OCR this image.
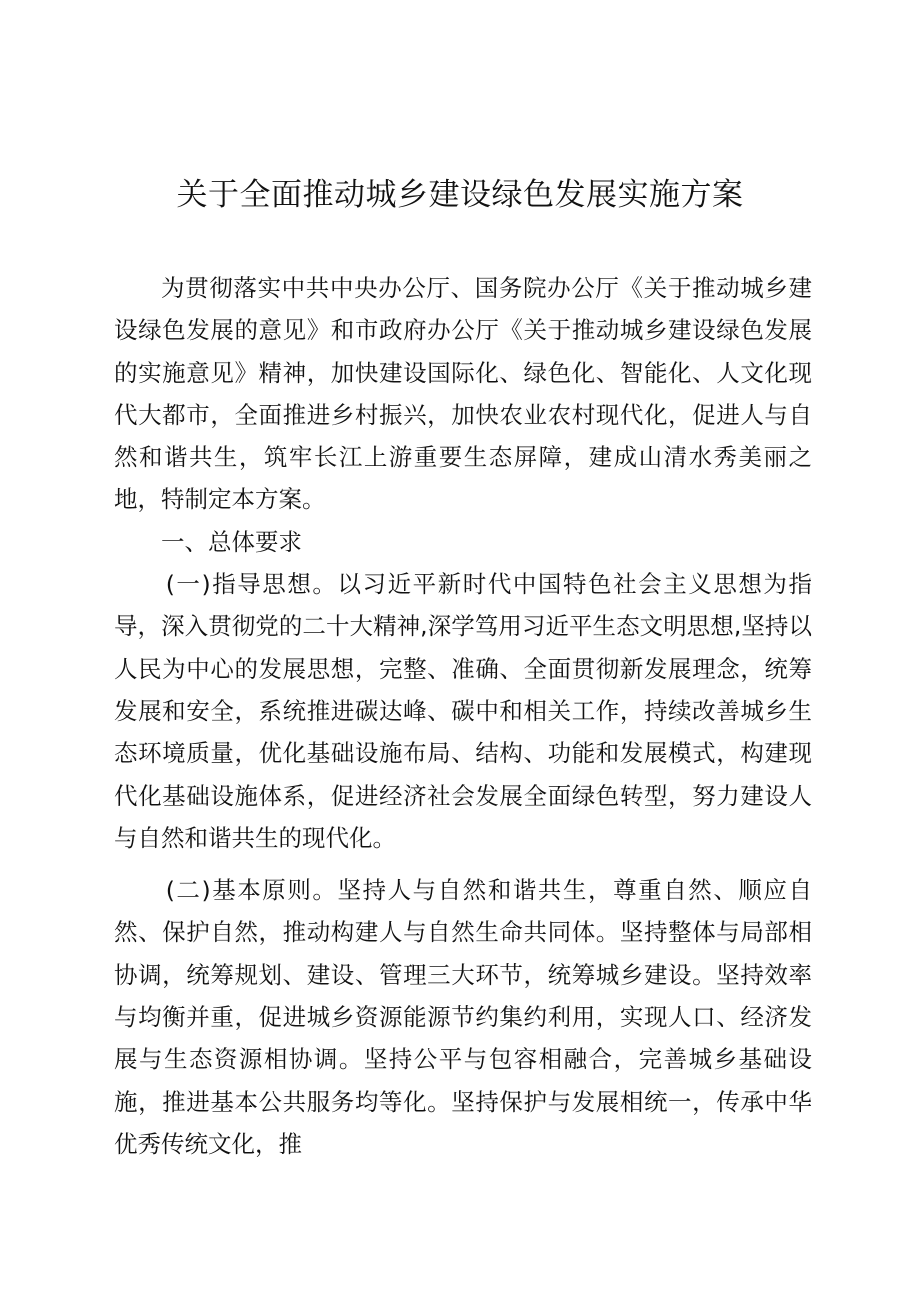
关于全面推动城乡建设绿色发展实施方案

为贯彻落实中共中央办公厅、国务院办公厅《关于推动城乡建设绿色发展的意见》和市政府办公厅《关于推动城乡建设绿色发展的实施意见》精神，加快建设国际化、绿色化、智能化、人文化现代大都市，全面推进乡村振兴，加快农业农村现代化，促进人与自然和谐共生，筑牢长江上游重要生态屏障，建成山清水秀美丽之地，特制定本方案。

一、总体要求

(一)指导思想。以习近平新时代中国特色社会主义思想为指导，深入贯彻党的二十大精神,深学笃用习近平生态文明思想,坚持以人民为中心的发展思想，完整、准确、全面贯彻新发展理念，统筹发展和安全，系统推进碳达峰、碳中和相关工作，持续改善城乡生态环境质量，优化基础设施布局、结构、功能和发展模式，构建现代化基础设施体系，促进经济社会发展全面绿色转型，努力建设人与自然和谐共生的现代化。

(二)基本原则。坚持人与自然和谐共生，尊重自然、顺应自然、保护自然，推动构建人与自然生命共同体。坚持整体与局部相协调，统筹规划、建设、管理三大环节，统筹城乡建设。坚持效率与均衡并重，促进城乡资源能源节约集约利用，实现人口、经济发展与生态资源相协调。坚持公平与包容相融合，完善城乡基础设施，推进基本公共服务均等化。坚持保护与发展相统一，传承中华优秀传统文化，推
